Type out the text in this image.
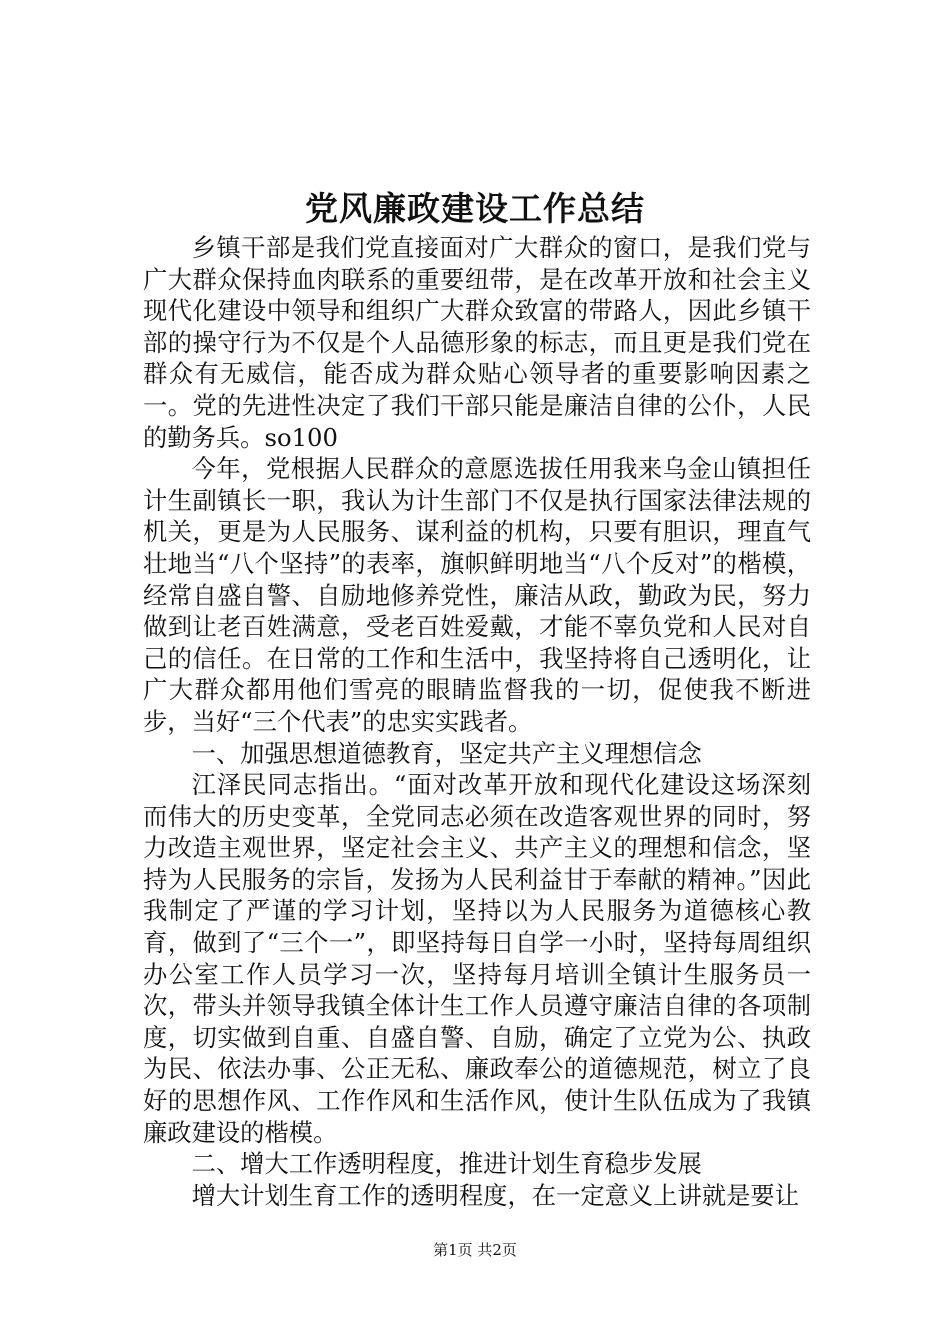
党风廉政建设工作总结

乡镇干部是我们党直接面对广大群众的窗口，是我们党与广大群众保持血肉联系的重要纽带，是在改革开放和社会主义现代化建设中领导和组织广大群众致富的带路人，因此乡镇干部的操守行为不仅是个人品德形象的标志，而且更是我们党在群众有无威信，能否成为群众贴心领导者的重要影响因素之一。党的先进性决定了我们干部只能是廉洁自律的公仆，人民的勤务兵。so100

今年，党根据人民群众的意愿选拔任用我来乌金山镇担任计生副镇长一职，我认为计生部门不仅是执行国家法律法规的机关，更是为人民服务、谋利益的机构，只要有胆识，理直气壮地当“八个坚持”的表率，旗帜鲜明地当“八个反对”的楷模，经常自盛自警、自励地修养党性，廉洁从政，勤政为民，努力做到让老百姓满意，受老百姓爱戴，才能不辜负党和人民对自己的信任。在日常的工作和生活中，我坚持将自己透明化，让广大群众都用他们雪亮的眼睛监督我的一切，促使我不断进步，当好“三个代表”的忠实实践者。

一、加强思想道德教育，坚定共产主义理想信念

江泽民同志指出。“面对改革开放和现代化建设这场深刻而伟大的历史变革，全党同志必须在改造客观世界的同时，努力改造主观世界，坚定社会主义、共产主义的理想和信念，坚持为人民服务的宗旨，发扬为人民利益甘于奉献的精神。”因此我制定了严谨的学习计划，坚持以为人民服务为道德核心教育，做到了“三个一”，即坚持每日自学一小时，坚持每周组织办公室工作人员学习一次，坚持每月培训全镇计生服务员一次，带头并领导我镇全体计生工作人员遵守廉洁自律的各项制度，切实做到自重、自盛自警、自励，确定了立党为公、执政为民、依法办事、公正无私、廉政奉公的道德规范，树立了良好的思想作风、工作作风和生活作风，使计生队伍成为了我镇廉政建设的楷模。

二、增大工作透明程度，推进计划生育稳步发展

增大计划生育工作的透明程度，在一定意义上讲就是要让

第1页 共2页
